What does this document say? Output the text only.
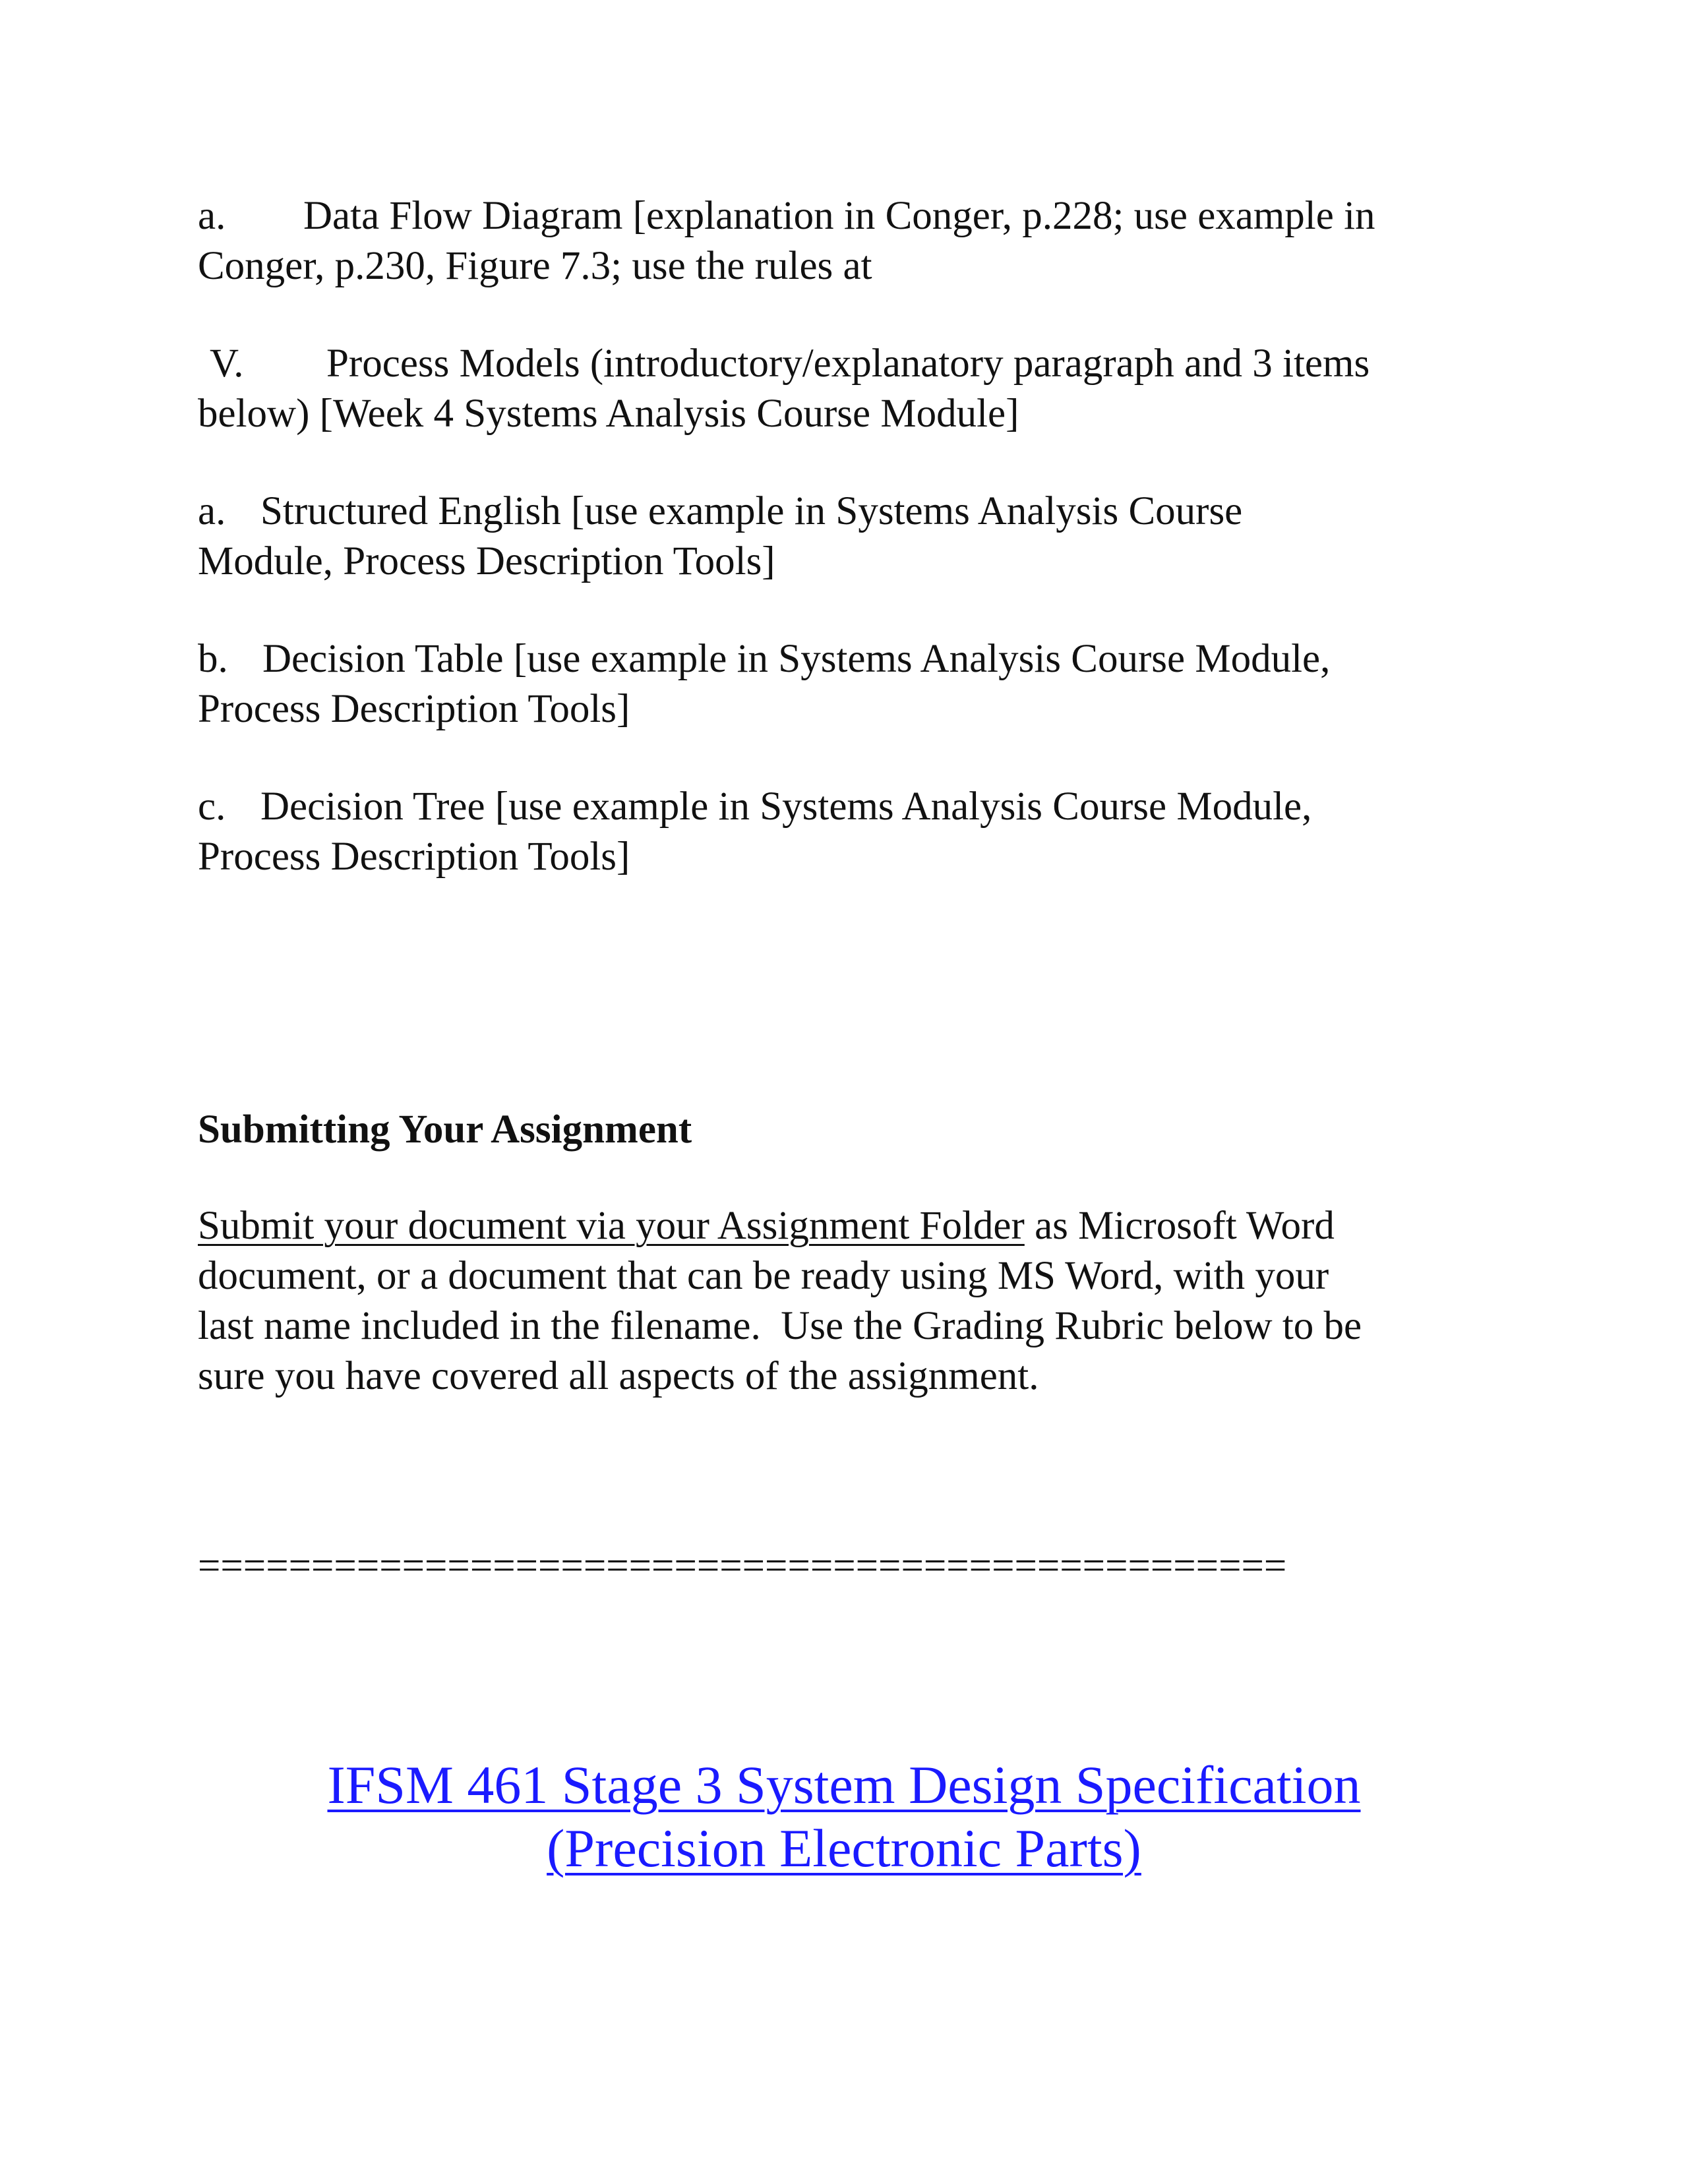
a. Data Flow Diagram [explanation in Conger, p.228; use example in

Conger, p.230, Figure 7.3; use the rules at

V. Process Models (introductory/explanatory paragraph and 3 items

below) [Week 4 Systems Analysis Course Module]

a. Structured English [use example in Systems Analysis Course

Module, Process Description Tools]

b. Decision Table [use example in Systems Analysis Course Module,

Process Description Tools]

c. Decision Tree [use example in Systems Analysis Course Module,

Process Description Tools]

Submitting Your Assignment

Submit your document via your Assignment Folder as Microsoft Word

document, or a document that can be ready using MS Word, with your

last name included in the filename.  Use the Grading Rubric below to be

sure you have covered all aspects of the assignment.

================================================

IFSM 461 Stage 3 System Design Specification
(Precision Electronic Parts)
